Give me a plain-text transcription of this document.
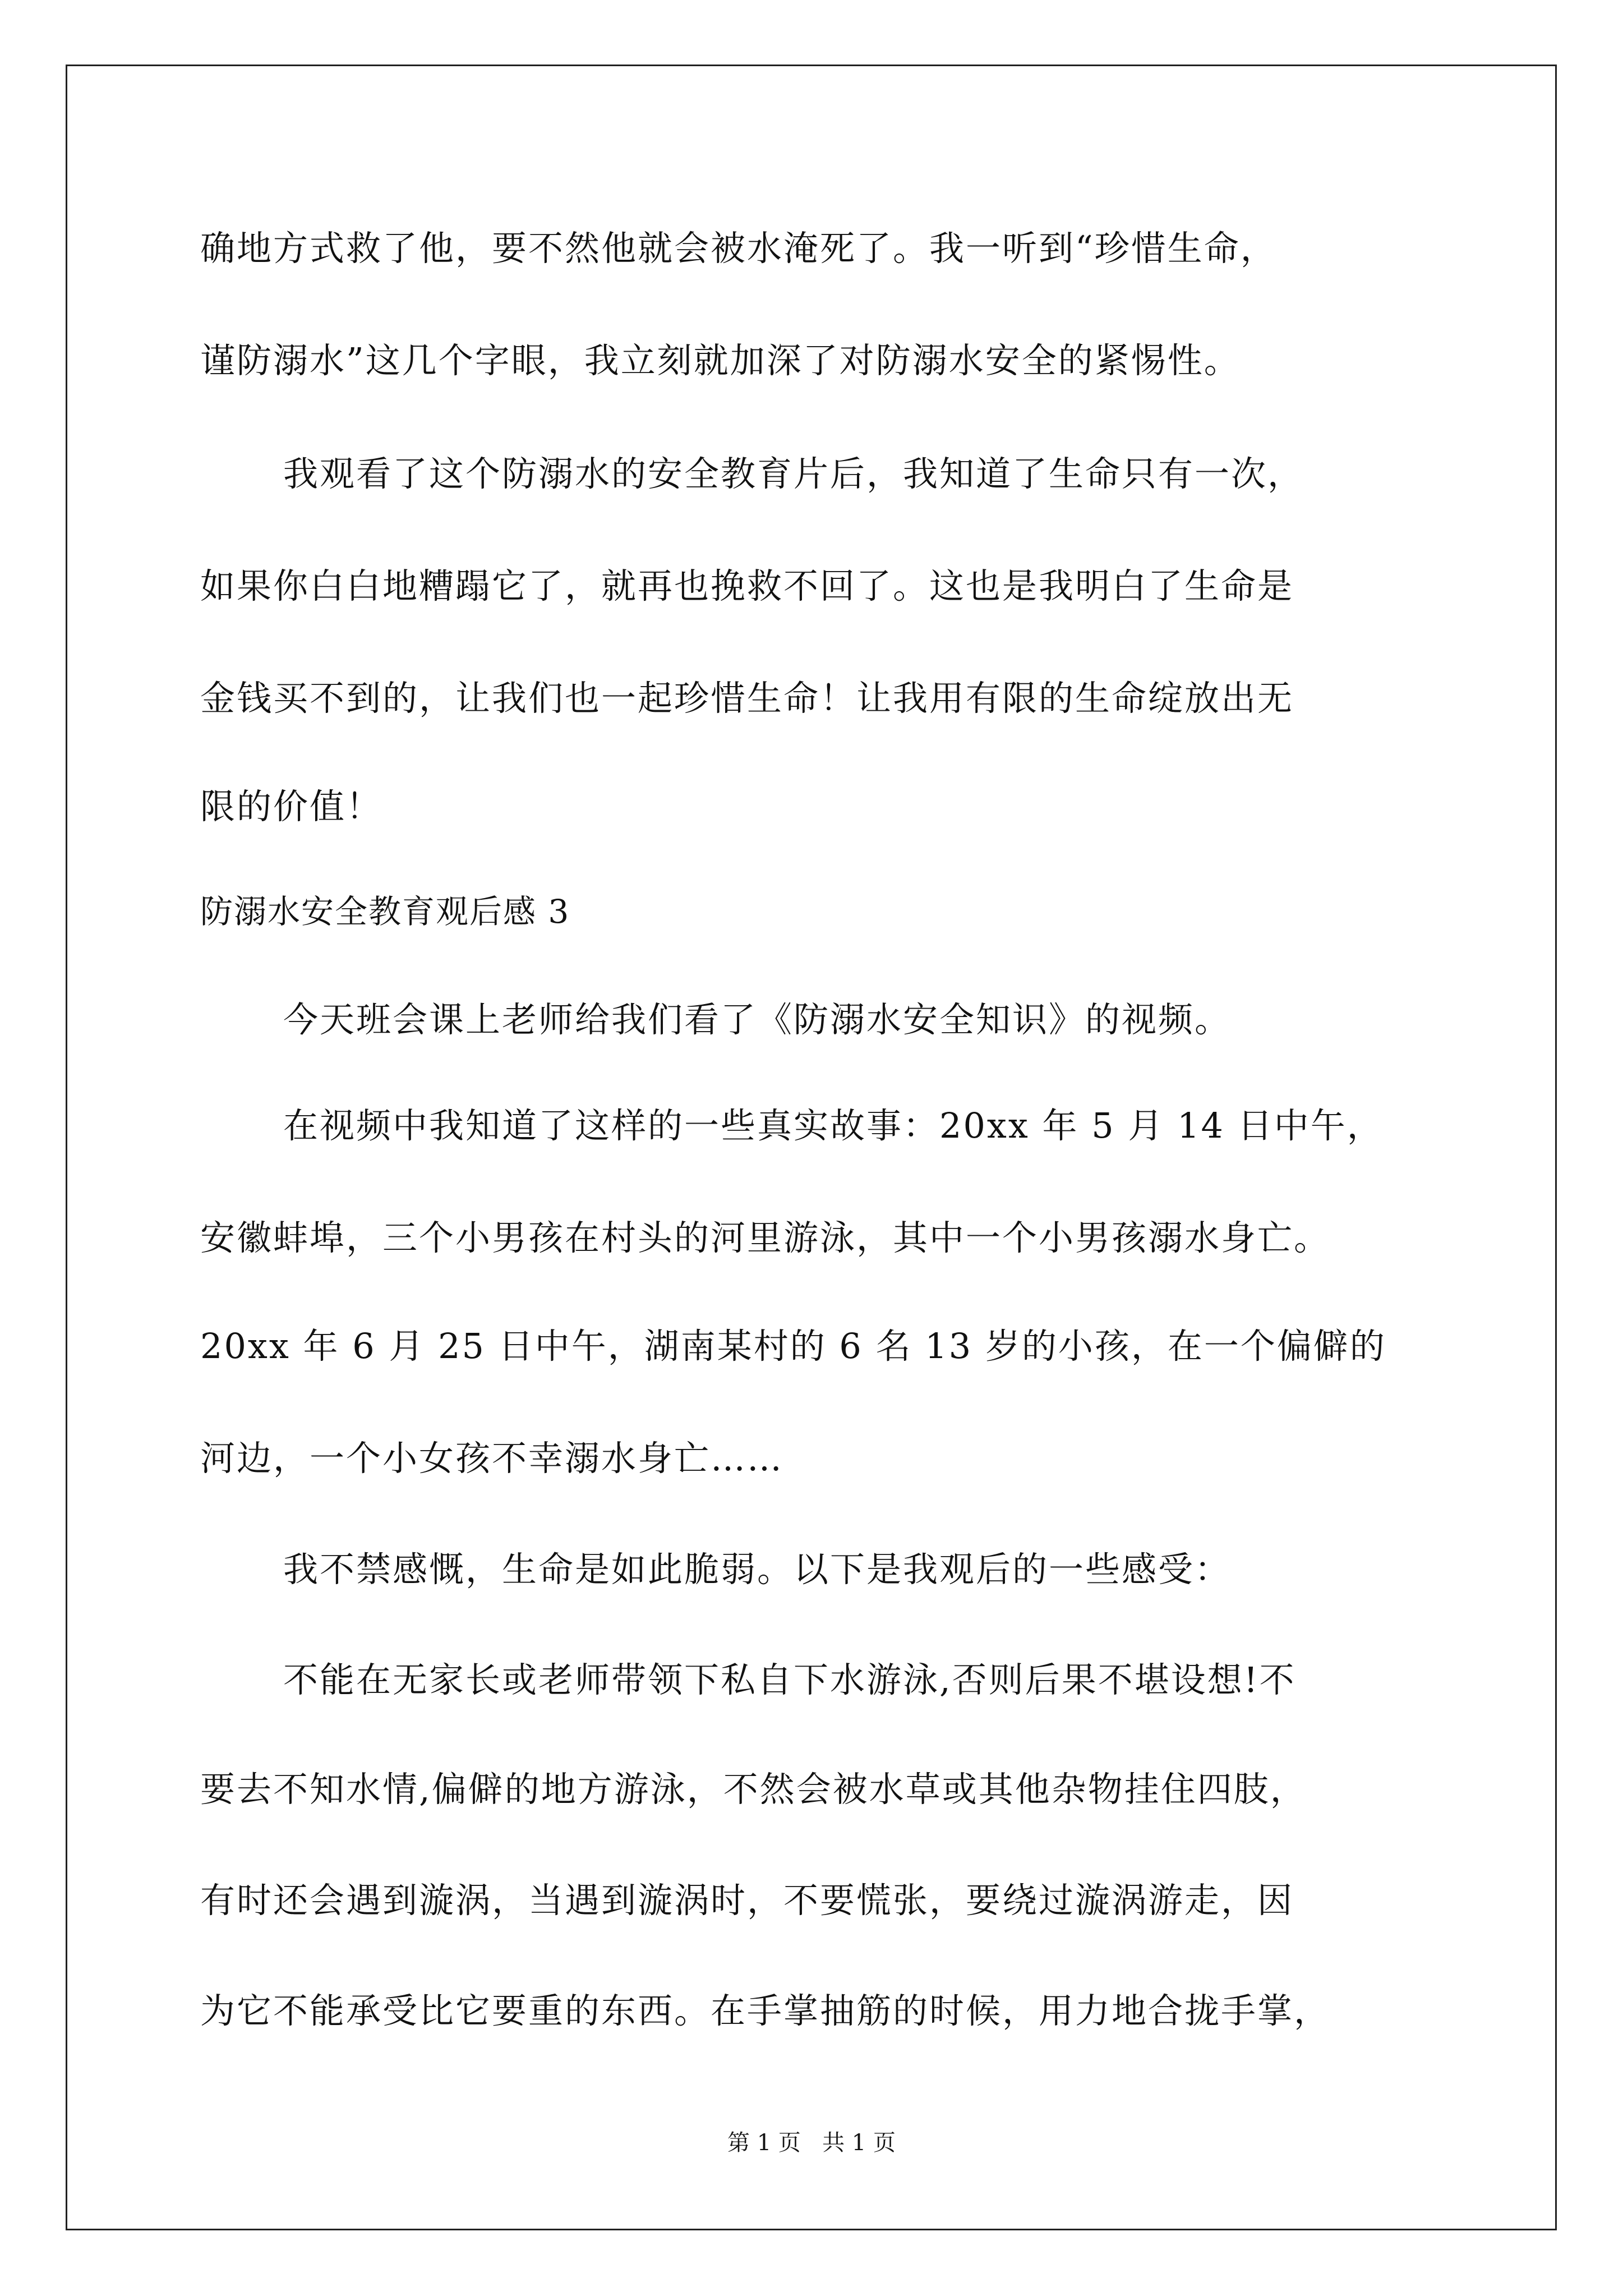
确地方式救了他，要不然他就会被水淹死了。我一听到“珍惜生命，
谨防溺水”这几个字眼，我立刻就加深了对防溺水安全的紧惕性。
我观看了这个防溺水的安全教育片后，我知道了生命只有一次，
如果你白白地糟蹋它了，就再也挽救不回了。这也是我明白了生命是
金钱买不到的，让我们也一起珍惜生命！让我用有限的生命绽放出无
限的价值！
防溺水安全教育观后感 3
今天班会课上老师给我们看了《防溺水安全知识》的视频。
在视频中我知道了这样的一些真实故事：20xx 年 5 月 14 日中午，
安徽蚌埠，三个小男孩在村头的河里游泳，其中一个小男孩溺水身亡。
20xx 年 6 月 25 日中午，湖南某村的 6 名 13 岁的小孩，在一个偏僻的
河边，一个小女孩不幸溺水身亡……
我不禁感慨，生命是如此脆弱。以下是我观后的一些感受：
不能在无家长或老师带领下私自下水游泳,否则后果不堪设想!不
要去不知水情,偏僻的地方游泳，不然会被水草或其他杂物挂住四肢，
有时还会遇到漩涡，当遇到漩涡时，不要慌张，要绕过漩涡游走，因
为它不能承受比它要重的东西。在手掌抽筋的时候，用力地合拢手掌，
第 1 页   共 1 页
